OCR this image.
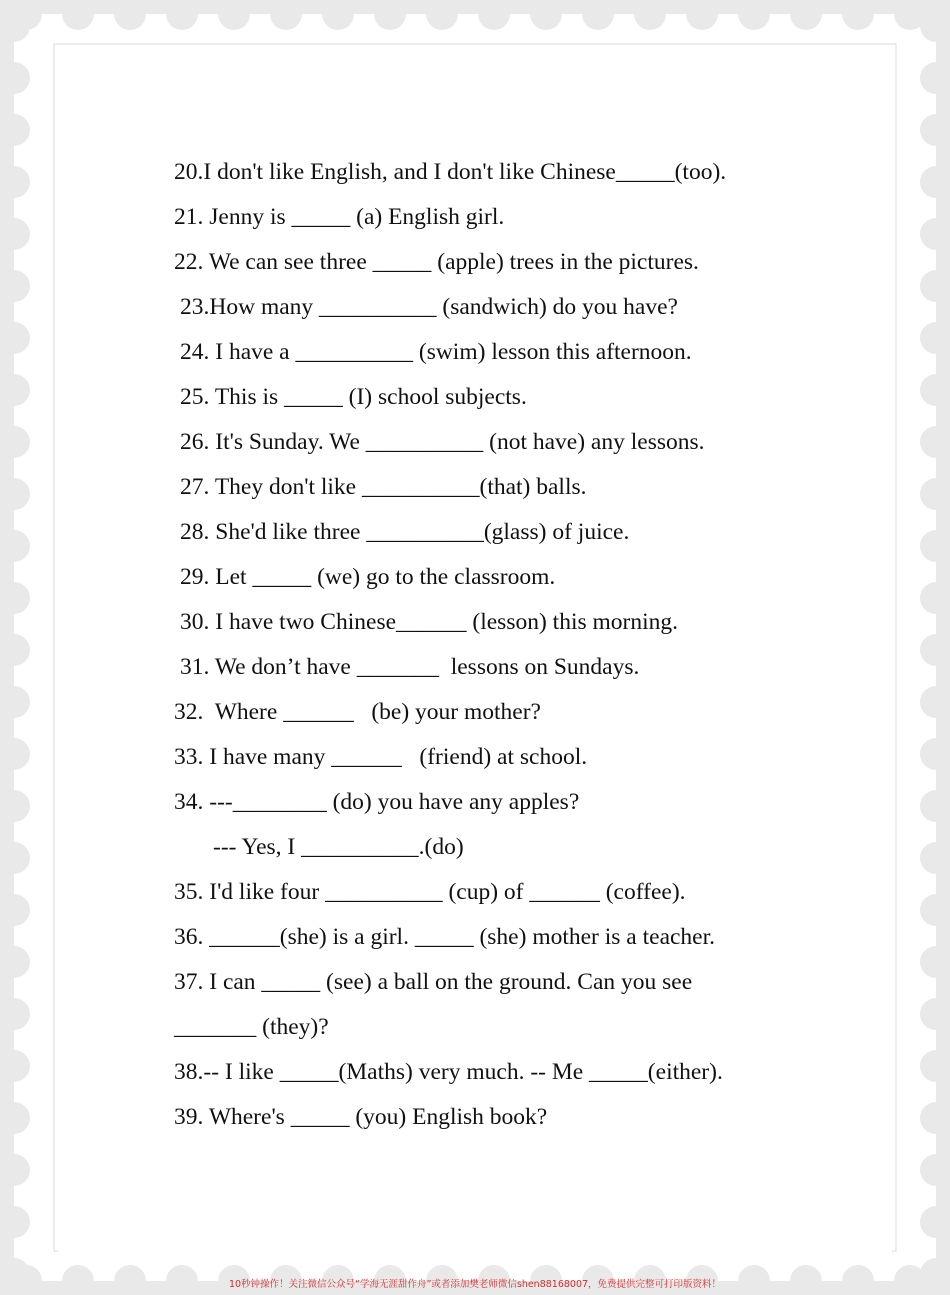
20.I don't like English, and I don't like Chinese_____(too).
21. Jenny is _____ (a) English girl.
22. We can see three _____ (apple) trees in the pictures.
23.How many __________ (sandwich) do you have?
24. I have a __________ (swim) lesson this afternoon.
25. This is _____ (I) school subjects.
26. It's Sunday. We __________ (not have) any lessons.
27. They don't like __________(that) balls.
28. She'd like three __________(glass) of juice.
29. Let _____ (we) go to the classroom.
30. I have two Chinese______ (lesson) this morning.
31. We don’t have _______  lessons on Sundays.
32.  Where ______   (be) your mother?
33. I have many ______   (friend) at school.
34. ---________ (do) you have any apples?
--- Yes, I __________.(do)
35. I'd like four __________ (cup) of ______ (coffee).
36. ______(she) is a girl. _____ (she) mother is a teacher.
37. I can _____ (see) a ball on the ground. Can you see
_______ (they)?
38.-- I like _____(Maths) very much. -- Me _____(either).
39. Where's _____ (you) English book?
10秒钟操作！关注微信公众号“学海无涯甜作舟”或者添加樊老师微信shen88168007，免费提供完整可打印版资料！
